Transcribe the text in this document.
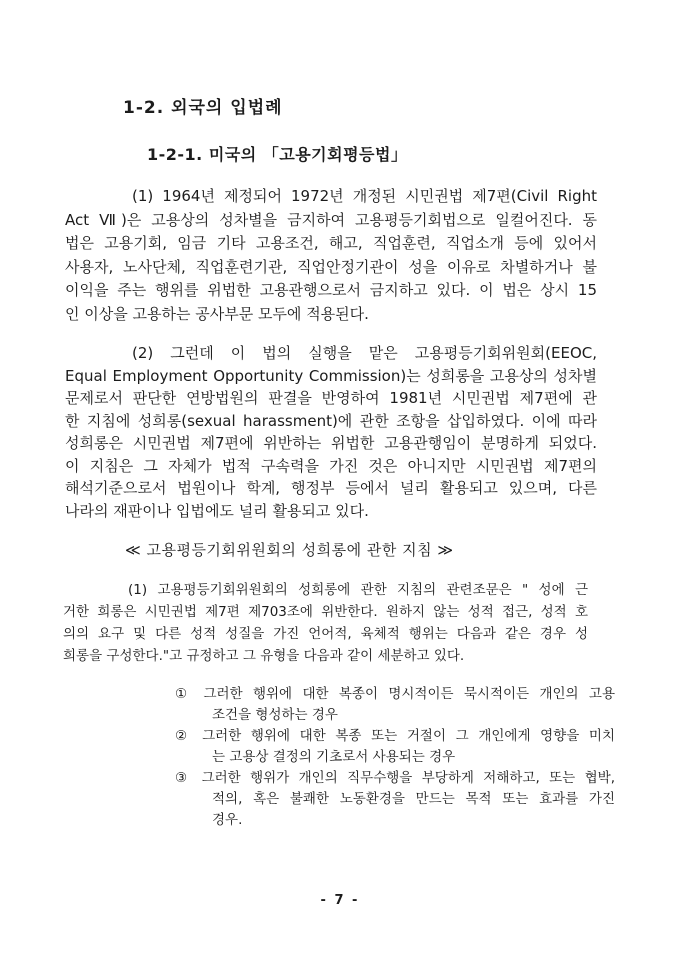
1-2. 외국의 입법례
1-2-1. 미국의 「고용기회평등법」
(1) 1964년 제정되어 1972년 개정된 시민권법 제7편(Civil Right
Act Ⅶ)은 고용상의 성차별을 금지하여 고용평등기회법으로 일컬어진다. 동
법은 고용기회, 임금 기타 고용조건, 해고, 직업훈련, 직업소개 등에 있어서
사용자, 노사단체, 직업훈련기관, 직업안정기관이 성을 이유로 차별하거나 불
이익을 주는 행위를 위법한 고용관행으로서 금지하고 있다. 이 법은 상시 15
인 이상을 고용하는 공사부문 모두에 적용된다.
(2) 그런데 이 법의 실행을 맡은 고용평등기회위원회(EEOC,
Equal Employment Opportunity Commission)는 성희롱을 고용상의 성차별
문제로서 판단한 연방법원의 판결을 반영하여 1981년 시민권법 제7편에 관
한 지침에 성희롱(sexual harassment)에 관한 조항을 삽입하였다. 이에 따라
성희롱은 시민권법 제7편에 위반하는 위법한 고용관행임이 분명하게 되었다.
이 지침은 그 자체가 법적 구속력을 가진 것은 아니지만 시민권법 제7편의
해석기준으로서 법원이나 학계, 행정부 등에서 널리 활용되고 있으며, 다른
나라의 재판이나 입법에도 널리 활용되고 있다.
≪ 고용평등기회위원회의 성희롱에 관한 지침 ≫
(1) 고용평등기회위원회의 성희롱에 관한 지침의 관련조문은 " 성에 근
거한 희롱은 시민권법 제7편 제703조에 위반한다. 원하지 않는 성적 접근, 성적 호
의의 요구 및 다른 성적 성질을 가진 언어적, 육체적 행위는 다음과 같은 경우 성
희롱을 구성한다."고 규정하고 그 유형을 다음과 같이 세분하고 있다.
① 그러한 행위에 대한 복종이 명시적이든 묵시적이든 개인의 고용
조건을 형성하는 경우
② 그러한 행위에 대한 복종 또는 거절이 그 개인에게 영향을 미치
는 고용상 결정의 기초로서 사용되는 경우
③ 그러한 행위가 개인의 직무수행을 부당하게 저해하고, 또는 협박,
적의, 혹은 불쾌한 노동환경을 만드는 목적 또는 효과를 가진
경우.
- 7 -
